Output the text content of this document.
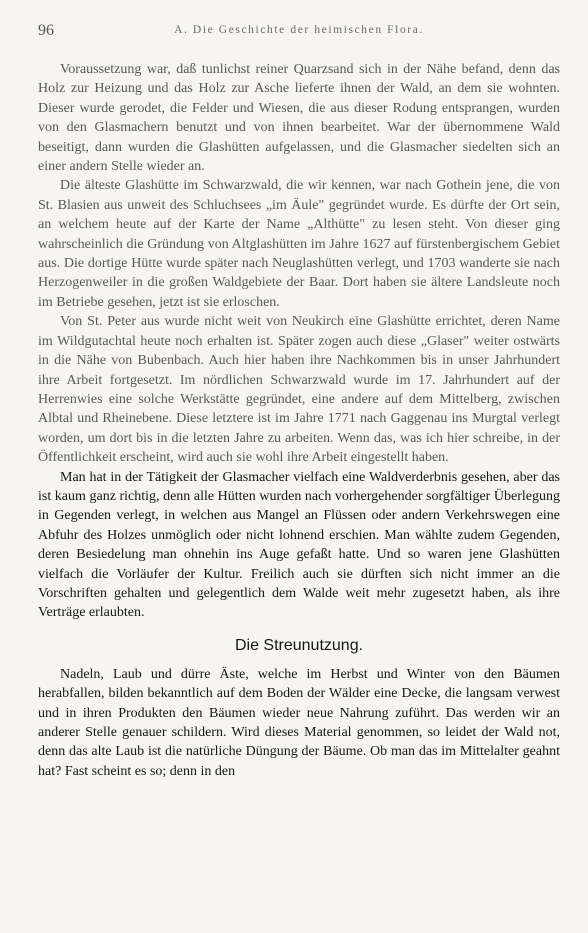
96	A. Die Geschichte der heimischen Flora.

Voraussetzung war, daß tunlichst reiner Quarzsand sich in der Nähe befand, denn das Holz zur Heizung und das Holz zur Asche lieferte ihnen der Wald, an dem sie wohnten. Dieser wurde gerodet, die Felder und Wiesen, die aus dieser Rodung entsprangen, wurden von den Glasmachern benutzt und von ihnen bearbeitet. War der übernommene Wald beseitigt, dann wurden die Glashütten aufgelassen, und die Glasmacher siedelten sich an einer andern Stelle wieder an.

Die älteste Glashütte im Schwarzwald, die wir kennen, war nach Gothein jene, die von St. Blasien aus unweit des Schluchsees „im Äule" gegründet wurde. Es dürfte der Ort sein, an welchem heute auf der Karte der Name „Althütte" zu lesen steht. Von dieser ging wahrscheinlich die Gründung von Altglashütten im Jahre 1627 auf fürstenbergischem Gebiet aus. Die dortige Hütte wurde später nach Neuglashütten verlegt, und 1703 wanderte sie nach Herzogenweiler in die großen Waldgebiete der Baar. Dort haben sie ältere Landsleute noch im Betriebe gesehen, jetzt ist sie erloschen.

Von St. Peter aus wurde nicht weit von Neukirch eine Glashütte errichtet, deren Name im Wildgutachtal heute noch erhalten ist. Später zogen auch diese „Glaser" weiter ostwärts in die Nähe von Bubenbach. Auch hier haben ihre Nachkommen bis in unser Jahrhundert ihre Arbeit fortgesetzt. Im nördlichen Schwarzwald wurde im 17. Jahrhundert auf der Herrenwies eine solche Werkstätte gegründet, eine andere auf dem Mittelberg, zwischen Albtal und Rheinebene. Diese letztere ist im Jahre 1771 nach Gaggenau ins Murgtal verlegt worden, um dort bis in die letzten Jahre zu arbeiten. Wenn das, was ich hier schreibe, in der Öffentlichkeit erscheint, wird auch sie wohl ihre Arbeit eingestellt haben.

Man hat in der Tätigkeit der Glasmacher vielfach eine Waldverderbnis gesehen, aber das ist kaum ganz richtig, denn alle Hütten wurden nach vorhergehender sorgfältiger Überlegung in Gegenden verlegt, in welchen aus Mangel an Flüssen oder andern Verkehrswegen eine Abfuhr des Holzes unmöglich oder nicht lohnend erschien. Man wählte zudem Gegenden, deren Besiedelung man ohnehin ins Auge gefaßt hatte. Und so waren jene Glashütten vielfach die Vorläufer der Kultur. Freilich auch sie dürften sich nicht immer an die Vorschriften gehalten und gelegentlich dem Walde weit mehr zugesetzt haben, als ihre Verträge erlaubten.

Die Streunutzung.

Nadeln, Laub und dürre Äste, welche im Herbst und Winter von den Bäumen herabfallen, bilden bekanntlich auf dem Boden der Wälder eine Decke, die langsam verwest und in ihren Produkten den Bäumen wieder neue Nahrung zuführt. Das werden wir an anderer Stelle genauer schildern. Wird dieses Material genommen, so leidet der Wald not, denn das alte Laub ist die natürliche Düngung der Bäume. Ob man das im Mittelalter geahnt hat? Fast scheint es so; denn in den
